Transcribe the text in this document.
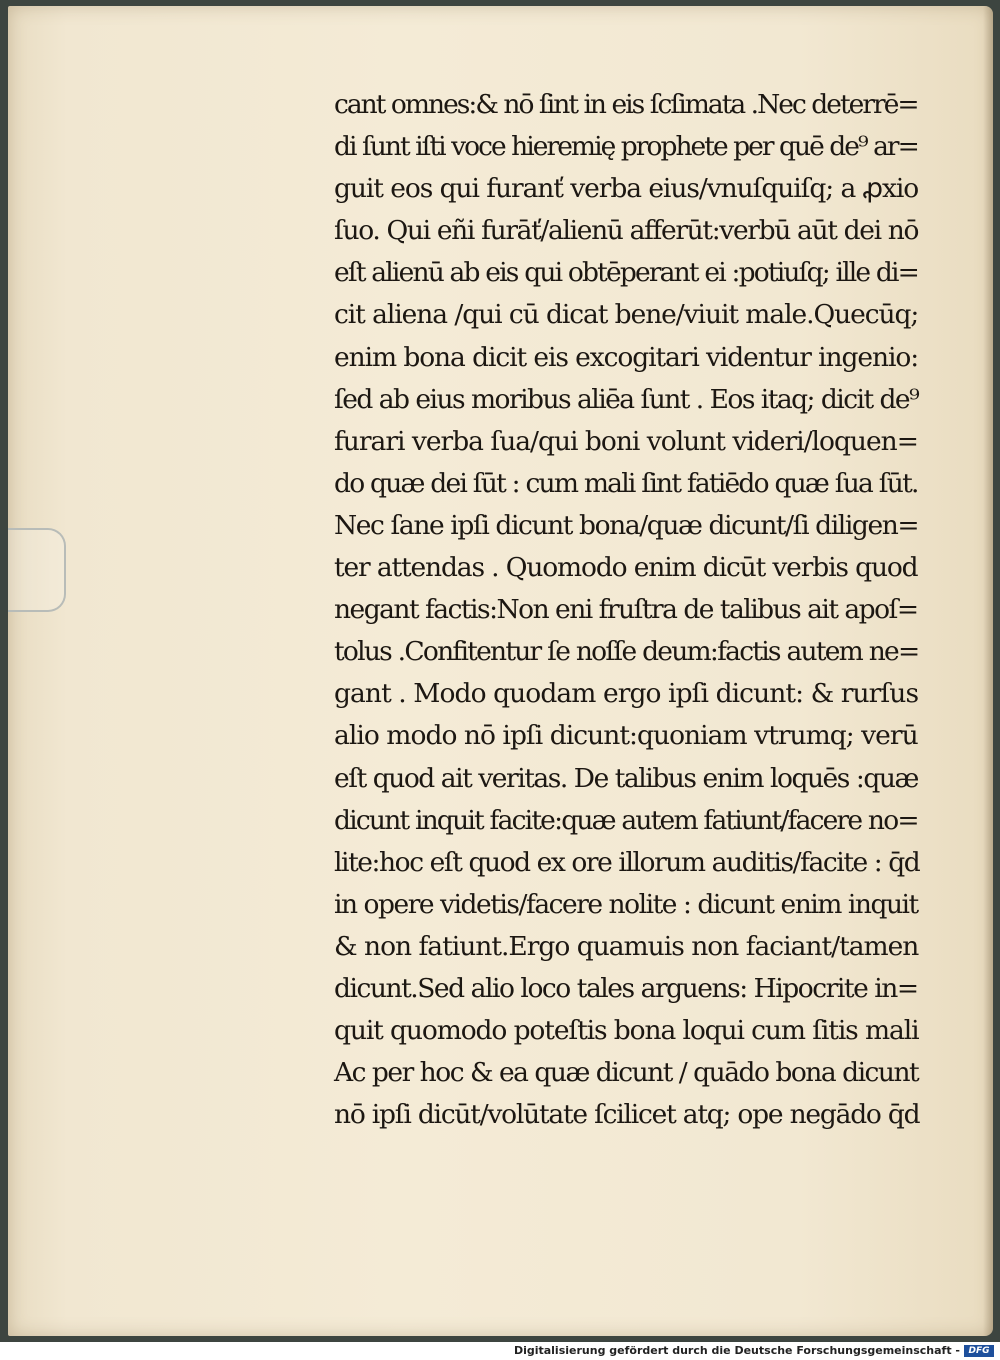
cant omnes:& nō ſint in eis ſcſimata .Nec deterrē=
di ſunt iſti voce hieremię prophete per quē de⁹ ar=
guit eos qui furanť verba eius/vnuſquiſq; a ꝓxio
ſuo. Qui eñi furāť/alienū afferūt:verbū aūt dei nō
eſt alienū ab eis qui obtēperant ei :potiuſq; ille di=
cit aliena /qui cū dicat bene/viuit male.Quecūq;
enim bona dicit eis excogitari videntur ingenio:
ſed ab eius moribus aliēa ſunt . Eos itaq; dicit de⁹
furari verba ſua/qui boni volunt videri/loquen=
do quæ dei ſūt : cum mali ſint fatiēdo quæ ſua ſūt.
Nec ſane ipſi dicunt bona/quæ dicunt/ſi diligen=
ter attendas . Quomodo enim dicūt verbis quod
negant factis:Non eni fruſtra de talibus ait apoſ=
tolus .Confitentur ſe noſſe deum:factis autem ne=
gant . Modo quodam ergo ipſi dicunt: & rurſus
alio modo nō ipſi dicunt:quoniam vtrumq; verū
eſt quod ait veritas. De talibus enim loquēs :quæ
dicunt inquit facite:quæ autem fatiunt/facere no=
lite:hoc eſt quod ex ore illorum auditis/facite : q̄d
in opere videtis/facere nolite : dicunt enim inquit
& non fatiunt.Ergo quamuis non faciant/tamen
dicunt.Sed alio loco tales arguens: Hipocrite in=
quit quomodo poteſtis bona loqui cum ſitis mali
Ac per hoc & ea quæ dicunt / quādo bona dicunt
nō ipſi dicūt/volūtate ſcilicet atq; ope negādo q̄d
Digitalisierung gefördert durch die Deutsche Forschungsgemeinschaft - DFG
